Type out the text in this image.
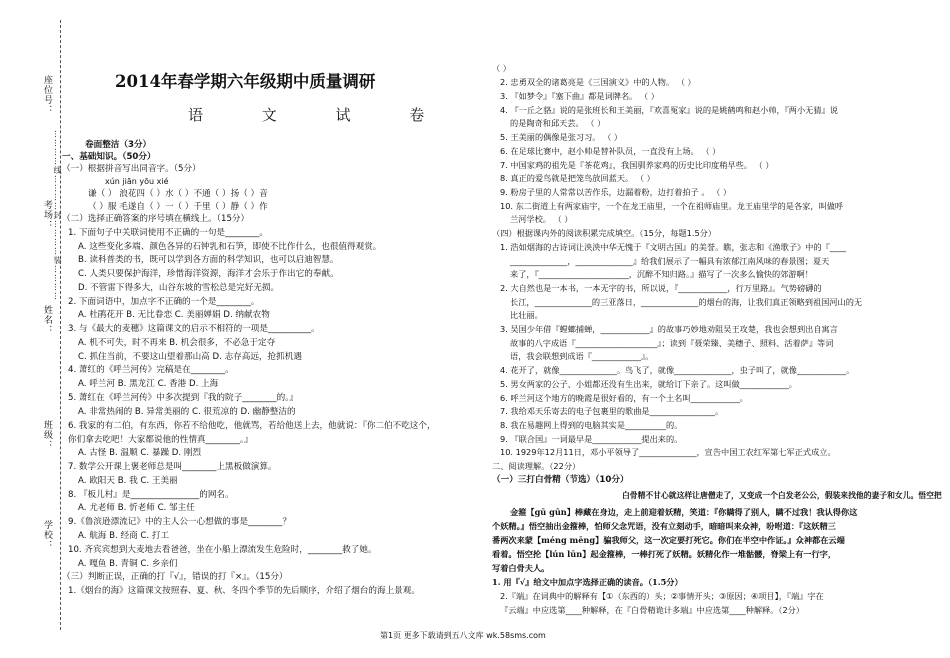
座位号：
考场：
姓名：
班级：
学校：
…………线…………封…………装…………
2014年春学期六年级期中质量调研
语 文 试 卷
卷面整洁（3分）
一、基础知识。（50分）
（一）根据拼音写出同音字。（5分）
xún jiān yōu xié
谦（ ） 浪花四（ ）水（ ）不通（ ）扬（ ）音
（ ）服 毛遂自（ ）一（ ）千里（ ）静（ ）作
（二）选择正确答案的序号填在横线上。（15分）
1. 下面句子中关联词使用不正确的一句是________。
A. 这些变化多端、颜色各异的石钟乳和石笋，即使不比作什么，也很值得观赏。
B. 读科普类的书，既可以学到各方面的科学知识，也可以启迪智慧。
C. 人类只要保护海洋，珍惜海洋资源，海洋才会乐于作出它的奉献。
D. 不管雷下得多大，山谷东坡的雪松总是完好无损。
2. 下面词语中，加点字不正确的一个是________。
A. 杜鹃花开 B. 无比眷恋 C. 美丽婵娟 D. 纳献农物
3. 与《最大的麦穗》这篇课文的启示不相符的一项是__________。
A. 机不可失，时不再来 B. 机会很多，不必急于定夺
C. 抓住当前，不要这山望着那山高 D. 志存高远，抢抓机遇
4. 萧红的《呼兰河传》完稿是在________。
A. 呼兰河 B. 黑龙江 C. 香港 D. 上海
5. 萧红在《呼兰河传》中多次提到『我的院子________的。』
A. 非常热闹的 B. 异常美丽的 C. 很荒凉的 D. 幽静整洁的
6. 我家的有二伯，有东西，你若不给他吃，他就骂，若给他送上去，他就说：『你二伯不吃这个，
你们拿去吃吧！大家都说他的性情真________。』
A. 古怪 B. 温顺 C. 暴躁 D. 刚烈
7. 数学公开课上褒老师总是叫________上黑板做演算。
A. 欧阳天 B. 我 C. 王美丽
8. 『板儿村』是________________的网名。
A. 尤老师 B. 忻老师 C. 邹主任
9.《鲁滨逊漂流记》中的主人公一心想做的事是________？
A. 航海 B. 经商 C. 打工
10. 齐宾宾想到大麦地去看爸爸，坐在小船上漂流发生危险时，________救了她。
A. 嘎鱼 B. 青铜 C. 乡亲们
（三）判断正误，正确的打『√』，错误的打『×』。（15分）
1.《烟台的海》这篇课文按照春、夏、秋、冬四个季节的先后顺序，介绍了烟台的海上景观。
（ ）
2. 忠勇双全的诸葛亮是《三国演义》中的人物。 （ ）
3. 『如梦令』『塞下曲』都是词牌名。 （ ）
4. 『一丘之貉』说的是张班长和王美丽，『欢喜冤家』说的是姚鹤鸣和赵小帅，『两小无猜』说
的是陶奇和邱天芸。 （ ）
5. 王美丽的偶像是张习习。 （ ）
6. 在足球比赛中，赵小帅是替补队员，一直没有上场。 （ ）
7. 中国家鸡的祖先是『茶花鸡』，我国驯养家鸡的历史比印度稍早些。 （ ）
8. 真正的爱鸟就是把笼鸟放回蓝天。 （ ）
9. 粉房子里的人常常以苦作乐，边漏着粉，边打着拍子 。 （ ）
10. 东二街道上有两家庙宇，一个在龙王庙里，一个在祖师庙里。龙王庙里学的是各家，叫做呼
兰河学校。 （ ）
（四）根据课内外的阅读积累完成填空。（15分，每题1.5分）
1. 浩如烟海的古诗词让泱泱中华无愧于『文明古国』的美誉。瞧，张志和《渔歌子》中的『____
______________，______________』给我们展示了一幅具有浓郁江南风味的春景图；夏天
来了，『______________________，沉醉不知归路。』描写了一次多么愉快的郊游啊！
2. 大自然也是一本书，一本无字的书，所以说，『____________，行万里路』。气势磅礴的
长江，______________的三亚落日，______________的烟台的海，让我们真正领略到祖国河山的无
比壮丽。
3. 吴国少年借『螳螂捕蝉，____________』的故事巧妙地劝阻吴王攻楚，我也会想到出自寓言
故事的八字成语『____________________』；读到『聂荣臻、美穗子、照料、活着萨』等词
语，我会联想到成语『____________』。
4. 花开了，就像______________。鸟飞了，就像______________，虫子叫了，就像____________。
5. 男女两家的公子、小姐都还没有生出来，就给订下亲了。这叫做____________。
6. 呼兰河这个地方的晚霞是很好看的，有一个土名叫____________。
7. 我给邓天乐寄去的电子包裹里的歌曲是________________。
8. 我在易趣网上得到的电脑其实是__________的。
9. 『联合国』一词最早是____________提出来的。
10. 1929年12月11日，邓小平领导了______________，宣告中国工农红军第七军正式成立。
二、阅读理解。（22分）
（一）三打白骨精（节选）（10分）
白骨精不甘心就这样让唐僧走了，又变成一个白发老公公，假装来找他的妻子和女儿。悟空把
金箍【gū gūn】棒藏在身边，走上前迎着妖精，笑道：『你瞒得了别人，瞒不过我！我认得你这
个妖精。』悟空抽出金箍棒，怕师父念咒语，没有立刻动手，暗暗叫来众神，吩咐道：『这妖精三
番两次来蒙【méng mēng】骗我师父，这一次定要打死它。你们在半空中作证。』众神都在云端
看着。悟空抡【lún lūn】起金箍棒，一棒打死了妖精。妖精化作一堆骷髅，脊梁上有一行字，
写着白骨夫人。
1. 用『√』给文中加点字选择正确的读音。（1.5分）
2.『端』在词典中的解释有【①（东西的）头；②事情开头；③原因；④项目】，『端』字在
『云端』中应选第____种解释，在『白骨精诡计多端』中应选第____种解释。（2分）
第1页 更多下载请到五八文库 wk.58sms.com
